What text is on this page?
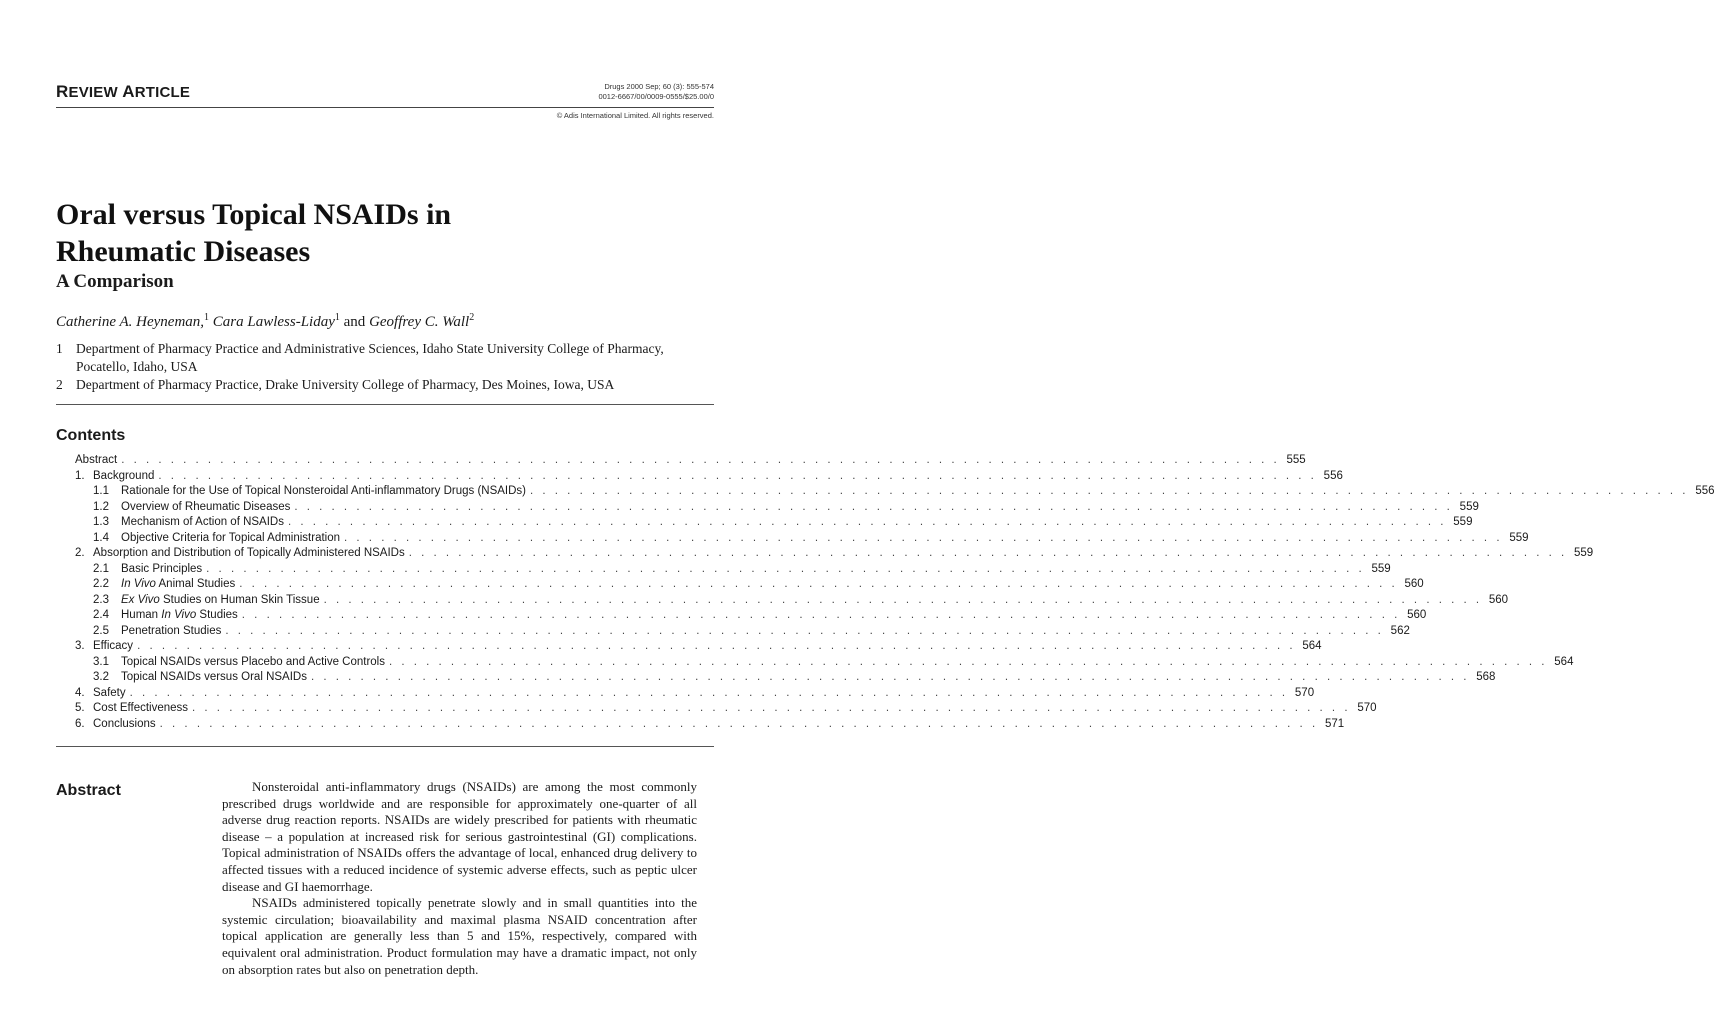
REVIEW ARTICLE	Drugs 2000 Sep; 60 (3): 555-574
0012-6667/00/0009-0555/$25.00/0
© Adis International Limited. All rights reserved.
Oral versus Topical NSAIDs in
Rheumatic Diseases
A Comparison
Catherine A. Heyneman,$^1$ Cara Lawless-Liday$^1$ and Geoffrey C. Wall$^2$
1 Department of Pharmacy Practice and Administrative Sciences, Idaho State University College of Pharmacy, Pocatello, Idaho, USA
2 Department of Pharmacy Practice, Drake University College of Pharmacy, Des Moines, Iowa, USA
Contents
Abstract . . . . . . . . . . . . . . . . . . . . . . . . . . . . . . . . . . . . . . . . . . . . . . . . . . . . . . . . . . . . . . . . . . . . . . . . . . . . . . . . . . . . . . . . . . . . . . 555
1. Background . . . . . . . . . . . . . . . . . . . . . . . . . . . . . . . . . . . . . . . . . . . . . . . . . . . . . . . . . . . . . . . . . . . . . . . . . . . . . . . . . . . . . . . . . . . . . . 556
1.1	Rationale for the Use of Topical Nonsteroidal Anti-inflammatory Drugs (NSAIDs) . . . . . . . . . . . . . . . . . . . . . . . . . . . . . . . . . . . . . . . . . . . . . . . . . . . . . . . . . . . . . . . . . . . . . . . . . . . . . . . . . . . . . . . . . . . . . . 556
1.2	Overview of Rheumatic Diseases . . . . . . . . . . . . . . . . . . . . . . . . . . . . . . . . . . . . . . . . . . . . . . . . . . . . . . . . . . . . . . . . . . . . . . . . . . . . . . . . . . . . . . . . . . . . . . 559
1.3	Mechanism of Action of NSAIDs . . . . . . . . . . . . . . . . . . . . . . . . . . . . . . . . . . . . . . . . . . . . . . . . . . . . . . . . . . . . . . . . . . . . . . . . . . . . . . . . . . . . . . . . . . . . . . 559
1.4	Objective Criteria for Topical Administration . . . . . . . . . . . . . . . . . . . . . . . . . . . . . . . . . . . . . . . . . . . . . . . . . . . . . . . . . . . . . . . . . . . . . . . . . . . . . . . . . . . . . . . . . . . . . . 559
2. Absorption and Distribution of Topically Administered NSAIDs . . . . . . . . . . . . . . . . . . . . . . . . . . . . . . . . . . . . . . . . . . . . . . . . . . . . . . . . . . . . . . . . . . . . . . . . . . . . . . . . . . . . . . . . . . . . . . 559
2.1	Basic Principles . . . . . . . . . . . . . . . . . . . . . . . . . . . . . . . . . . . . . . . . . . . . . . . . . . . . . . . . . . . . . . . . . . . . . . . . . . . . . . . . . . . . . . . . . . . . . . 559
2.2	In Vivo Animal Studies . . . . . . . . . . . . . . . . . . . . . . . . . . . . . . . . . . . . . . . . . . . . . . . . . . . . . . . . . . . . . . . . . . . . . . . . . . . . . . . . . . . . . . . . . . . . . . 560
2.3	Ex Vivo Studies on Human Skin Tissue . . . . . . . . . . . . . . . . . . . . . . . . . . . . . . . . . . . . . . . . . . . . . . . . . . . . . . . . . . . . . . . . . . . . . . . . . . . . . . . . . . . . . . . . . . . . . . 560
2.4	Human In Vivo Studies . . . . . . . . . . . . . . . . . . . . . . . . . . . . . . . . . . . . . . . . . . . . . . . . . . . . . . . . . . . . . . . . . . . . . . . . . . . . . . . . . . . . . . . . . . . . . . 560
2.5	Penetration Studies . . . . . . . . . . . . . . . . . . . . . . . . . . . . . . . . . . . . . . . . . . . . . . . . . . . . . . . . . . . . . . . . . . . . . . . . . . . . . . . . . . . . . . . . . . . . . . 562
3. Efficacy . . . . . . . . . . . . . . . . . . . . . . . . . . . . . . . . . . . . . . . . . . . . . . . . . . . . . . . . . . . . . . . . . . . . . . . . . . . . . . . . . . . . . . . . . . . . . . 564
3.1	Topical NSAIDs versus Placebo and Active Controls . . . . . . . . . . . . . . . . . . . . . . . . . . . . . . . . . . . . . . . . . . . . . . . . . . . . . . . . . . . . . . . . . . . . . . . . . . . . . . . . . . . . . . . . . . . . . . 564
3.2	Topical NSAIDs versus Oral NSAIDs . . . . . . . . . . . . . . . . . . . . . . . . . . . . . . . . . . . . . . . . . . . . . . . . . . . . . . . . . . . . . . . . . . . . . . . . . . . . . . . . . . . . . . . . . . . . . . 568
4. Safety . . . . . . . . . . . . . . . . . . . . . . . . . . . . . . . . . . . . . . . . . . . . . . . . . . . . . . . . . . . . . . . . . . . . . . . . . . . . . . . . . . . . . . . . . . . . . . 570
5. Cost Effectiveness . . . . . . . . . . . . . . . . . . . . . . . . . . . . . . . . . . . . . . . . . . . . . . . . . . . . . . . . . . . . . . . . . . . . . . . . . . . . . . . . . . . . . . . . . . . . . . 570
6. Conclusions . . . . . . . . . . . . . . . . . . . . . . . . . . . . . . . . . . . . . . . . . . . . . . . . . . . . . . . . . . . . . . . . . . . . . . . . . . . . . . . . . . . . . . . . . . . . . . 571
Abstract	Nonsteroidal anti-inflammatory drugs (NSAIDs) are among the most commonly prescribed drugs worldwide and are responsible for approximately one-quarter of all adverse drug reaction reports. NSAIDs are widely prescribed for patients with rheumatic disease – a population at increased risk for serious gastrointestinal (GI) complications. Topical administration of NSAIDs offers the advantage of local, enhanced drug delivery to affected tissues with a reduced incidence of systemic adverse effects, such as peptic ulcer disease and GI haemorrhage.

NSAIDs administered topically penetrate slowly and in small quantities into the systemic circulation; bioavailability and maximal plasma NSAID concentration after topical application are generally less than 5 and 15%, respectively, compared with equivalent oral administration. Product formulation may have a dramatic impact, not only on absorption rates but also on penetration depth.
